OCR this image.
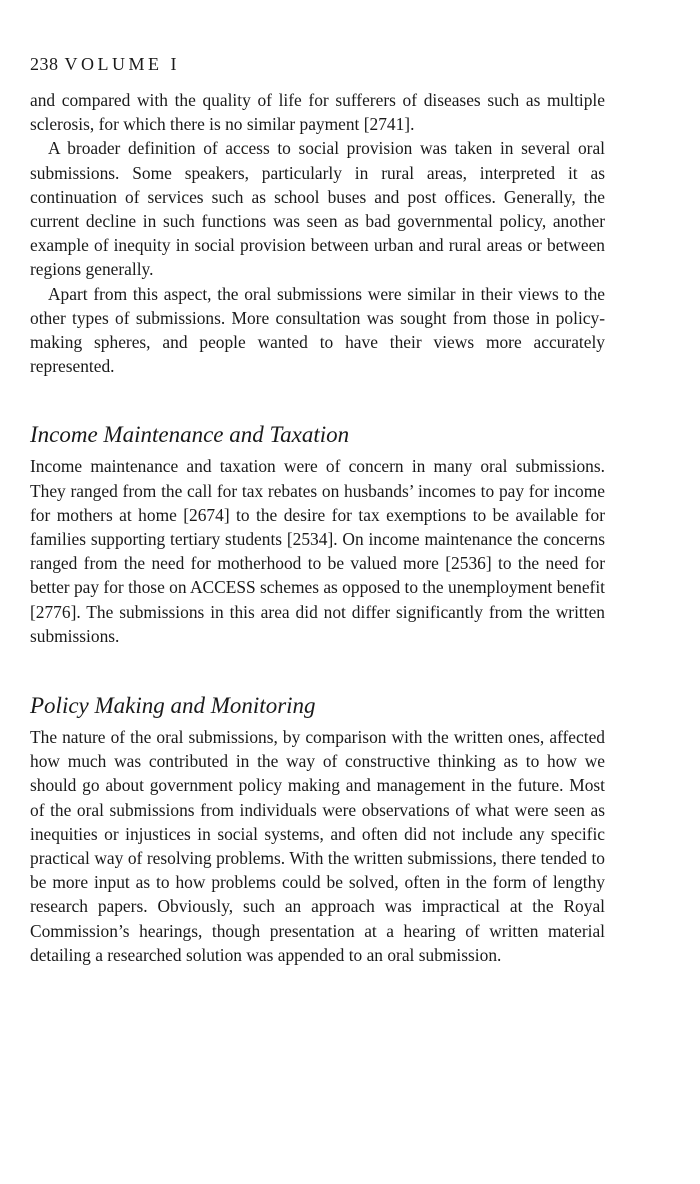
238 VOLUME I

and compared with the quality of life for sufferers of diseases such as multiple sclerosis, for which there is no similar payment [2741].

A broader definition of access to social provision was taken in several oral submissions. Some speakers, particularly in rural areas, interpreted it as continuation of services such as school buses and post offices. Generally, the current decline in such functions was seen as bad governmental policy, another example of inequity in social provision between urban and rural areas or between regions generally.

Apart from this aspect, the oral submissions were similar in their views to the other types of submissions. More consultation was sought from those in policy-making spheres, and people wanted to have their views more accurately represented.

Income Maintenance and Taxation

Income maintenance and taxation were of concern in many oral submissions. They ranged from the call for tax rebates on husbands’ incomes to pay for income for mothers at home [2674] to the desire for tax exemptions to be available for families supporting tertiary students [2534]. On income maintenance the concerns ranged from the need for motherhood to be valued more [2536] to the need for better pay for those on ACCESS schemes as opposed to the unemployment benefit [2776]. The submissions in this area did not differ significantly from the written submissions.

Policy Making and Monitoring

The nature of the oral submissions, by comparison with the written ones, affected how much was contributed in the way of constructive thinking as to how we should go about government policy making and management in the future. Most of the oral submissions from individuals were observations of what were seen as inequities or injustices in social systems, and often did not include any specific practical way of resolving problems. With the written submissions, there tended to be more input as to how problems could be solved, often in the form of lengthy research papers. Obviously, such an approach was impractical at the Royal Commission’s hearings, though presentation at a hearing of written material detailing a researched solution was appended to an oral submission.
